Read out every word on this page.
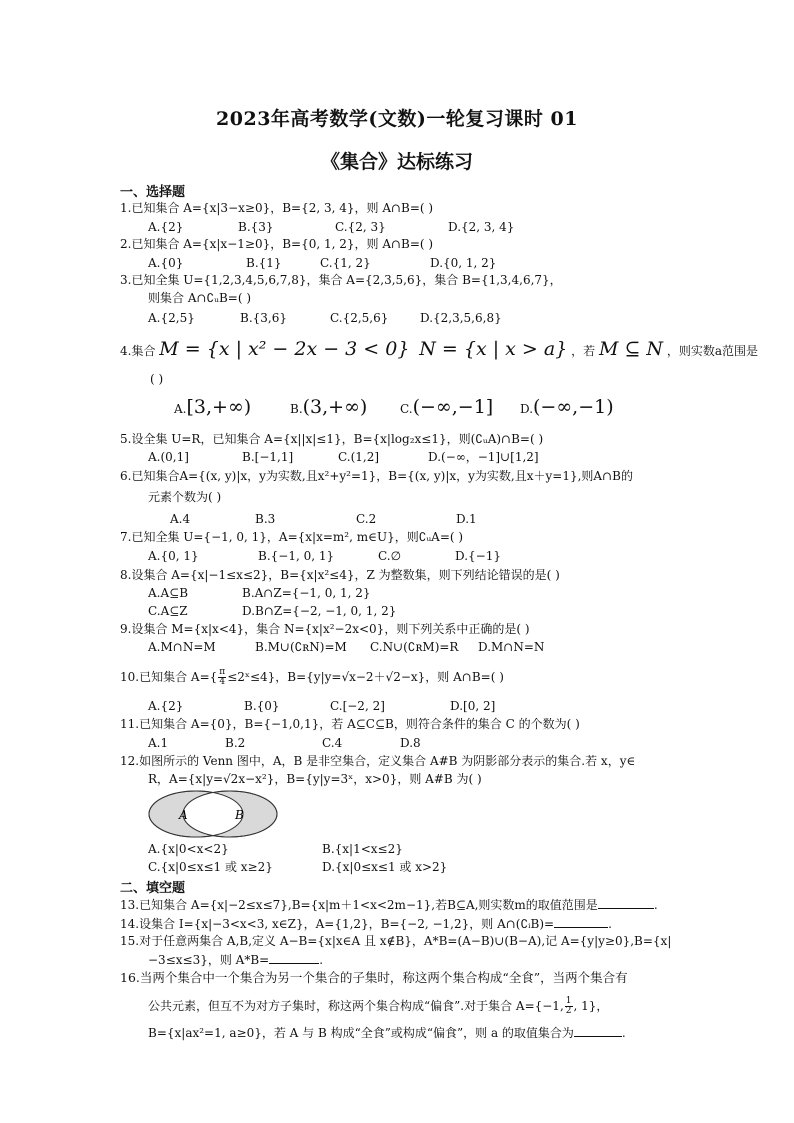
2023年高考数学(文数)一轮复习课时 01
《集合》达标练习
一、选择题
1.已知集合 A={x|3−x≥0}，B={2, 3, 4}，则 A∩B=( )
A.{2}	B.{3}	C.{2, 3}	D.{2, 3, 4}
2.已知集合 A={x|x−1≥0}，B={0, 1, 2}，则 A∩B=( )
A.{0}	B.{1}	C.{1, 2}	D.{0, 1, 2}
3.已知全集 U={1,2,3,4,5,6,7,8}，集合 A={2,3,5,6}，集合 B={1,3,4,6,7}，
则集合 A∩∁ᵤB=( )
A.{2,5}	B.{3,6}	C.{2,5,6}	D.{2,3,5,6,8}
4.集合 M = {x | x² − 2x − 3 < 0} N = {x | x > a} ，若 M ⊆ N ，则实数a范围是
( )
A.[3,+∞)	B.(3,+∞)	C.(−∞,−1] D.(−∞,−1)
5.设全集 U=R，已知集合 A={x||x|≤1}，B={x|log₂x≤1}，则(∁ᵤA)∩B=( )
A.(0,1]	B.[−1,1]	C.(1,2]	D.(−∞，−1]∪[1,2]
6.已知集合A={(x, y)|x，y为实数,且x²+y²=1}，B={(x, y)|x，y为实数,且x＋y=1},则A∩B的
元素个数为( )
A.4	B.3	C.2	D.1
7.已知全集 U={−1, 0, 1}，A={x|x=m², m∈U}，则∁ᵤA=( )
A.{0, 1}	B.{−1, 0, 1}	C.∅	D.{−1}
8.设集合 A={x|−1≤x≤2}，B={x|x²≤4}，Z 为整数集，则下列结论错误的是( )
A.A⊆B	B.A∩Z={−1, 0, 1, 2}
C.A⊆Z	D.B∩Z={−2, −1, 0, 1, 2}
9.设集合 M={x|x<4}，集合 N={x|x²−2x<0}，则下列关系中正确的是( )
A.M∩N=M	B.M∪(∁ʀN)=M C.N∪(∁ʀM)=R D.M∩N=N
10.已知集合 $A=\{ \frac{\pi}{4}$ ≤2ˣ≤4}，B={y|y=√x−2＋√2−x}，则 A∩B=( )
A.{2}	B.{0}	C.[−2, 2]	D.[0, 2]
11.已知集合 A={0}，B={−1,0,1}，若 A⊆C⊆B，则符合条件的集合 C 的个数为( )
A.1	B.2	C.4	D.8
12.如图所示的 Venn 图中，A，B 是非空集合，定义集合 A#B 为阴影部分表示的集合.若 x，y∈
R，A={x|y=√2x−x²}，B={y|y=3ˣ，x>0}，则 A#B 为( )
A	B
A.{x|0<x<2}	B.{x|1<x≤2}
C.{x|0≤x≤1 或 x≥2}	D.{x|0≤x≤1 或 x>2}
二、填空题
13.已知集合 A={x|−2≤x≤7},B={x|m＋1<x<2m−1},若B⊆A,则实数m的取值范围是	.
14.设集合 I={x|−3<x<3, x∈Z}，A={1,2}，B={−2, −1,2}，则 A∩(∁ᵢB)=	.
15.对于任意两集合 A,B,定义 A−B={x|x∈A 且 x∉B}，A*B=(A−B)∪(B−A),记 A={y|y≥0},B={x|
−3≤x≤3}，则 A*B=	.
16.当两个集合中一个集合为另一个集合的子集时，称这两个集合构成“全食”，当两个集合有
公共元素，但互不为对方子集时，称这两个集合构成“偏食”.对于集合 A={−1, $\frac{1}{2}$ , 1}，
B={x|ax²=1, a≥0}，若 A 与 B 构成“全食”或构成“偏食”，则 a 的取值集合为	.
